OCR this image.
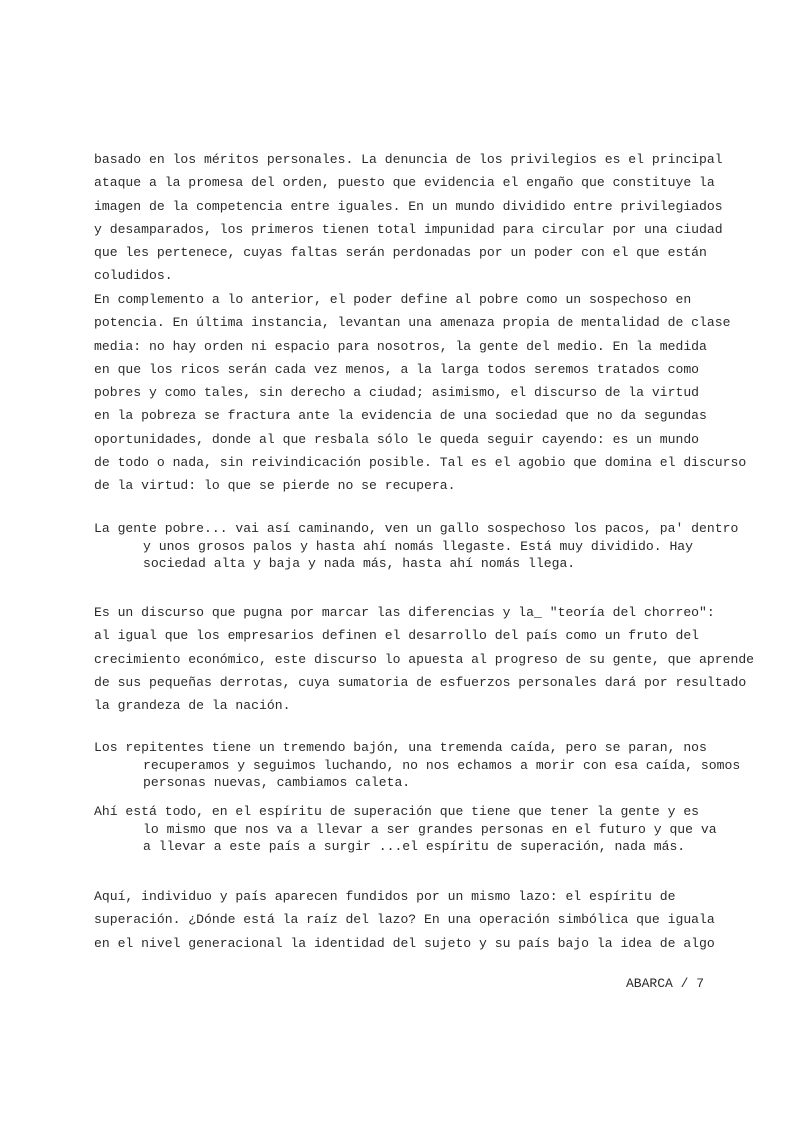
basado en los méritos personales. La denuncia de los privilegios es el principal
ataque a la promesa del orden, puesto que evidencia el engaño que constituye la
imagen de la competencia entre iguales. En un mundo dividido entre privilegiados
y desamparados, los primeros tienen total impunidad para circular por una ciudad
que les pertenece, cuyas faltas serán perdonadas por un poder con el que están
coludidos.
En complemento a lo anterior, el poder define al pobre como un sospechoso en
potencia. En última instancia, levantan una amenaza propia de mentalidad de clase
media: no hay orden ni espacio para nosotros, la gente del medio. En la medida
en que los ricos serán cada vez menos, a la larga todos seremos tratados como
pobres y como tales, sin derecho a ciudad; asimismo, el discurso de la virtud
en la pobreza se fractura ante la evidencia de una sociedad que no da segundas
oportunidades, donde al que resbala sólo le queda seguir cayendo: es un mundo
de todo o nada, sin reivindicación posible. Tal es el agobio que domina el discurso
de la virtud: lo que se pierde no se recupera.
La gente pobre... vai así caminando, ven un gallo sospechoso los pacos, pa' dentro
y unos grosos palos y hasta ahí nomás llegaste. Está muy dividido. Hay
sociedad alta y baja y nada más, hasta ahí nomás llega.
Es un discurso que pugna por marcar las diferencias y la_ "teoría del chorreo":
al igual que los empresarios definen el desarrollo del país como un fruto del
crecimiento económico, este discurso lo apuesta al progreso de su gente, que aprende
de sus pequeñas derrotas, cuya sumatoria de esfuerzos personales dará por resultado
la grandeza de la nación.
Los repitentes tiene un tremendo bajón, una tremenda caída, pero se paran, nos
recuperamos y seguimos luchando, no nos echamos a morir con esa caída, somos
personas nuevas, cambiamos caleta.
Ahí está todo, en el espíritu de superación que tiene que tener la gente y es
lo mismo que nos va a llevar a ser grandes personas en el futuro y que va
a llevar a este país a surgir ...el espíritu de superación, nada más.
Aquí, individuo y país aparecen fundidos por un mismo lazo: el espíritu de
superación. ¿Dónde está la raíz del lazo? En una operación simbólica que iguala
en el nivel generacional la identidad del sujeto y su país bajo la idea de algo
ABARCA / 7
